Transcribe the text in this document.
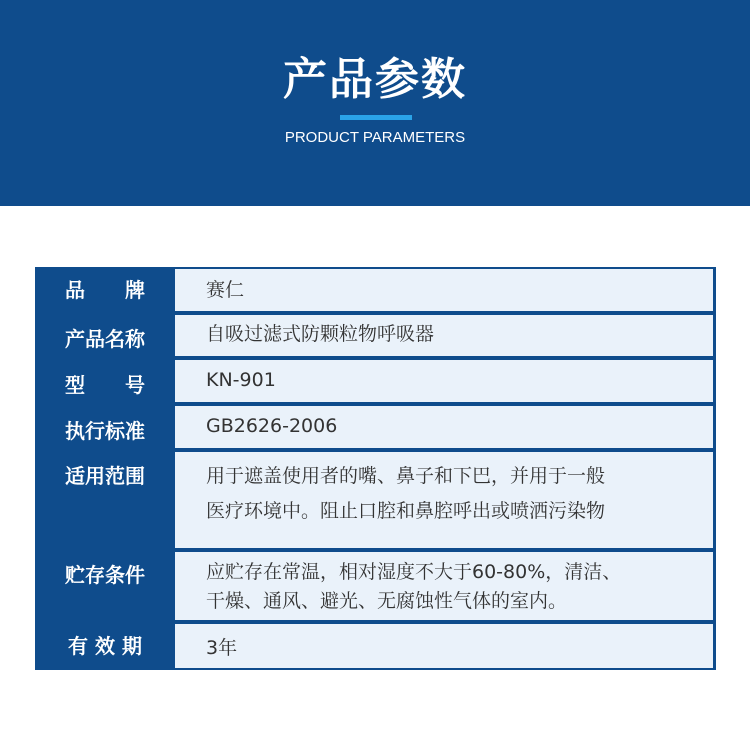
产品参数
PRODUCT PARAMETERS
品　　牌	赛仁
产品名称	自吸过滤式防颗粒物呼吸器
型　　号	KN-901
执行标准	GB2626-2006
适用范围	用于遮盖使用者的嘴、鼻子和下巴，并用于一般
医疗环境中。阻止口腔和鼻腔呼出或喷洒污染物
贮存条件	应贮存在常温，相对湿度不大于60-80%，清洁、
干燥、通风、避光、无腐蚀性气体的室内。
有 效 期	3年
